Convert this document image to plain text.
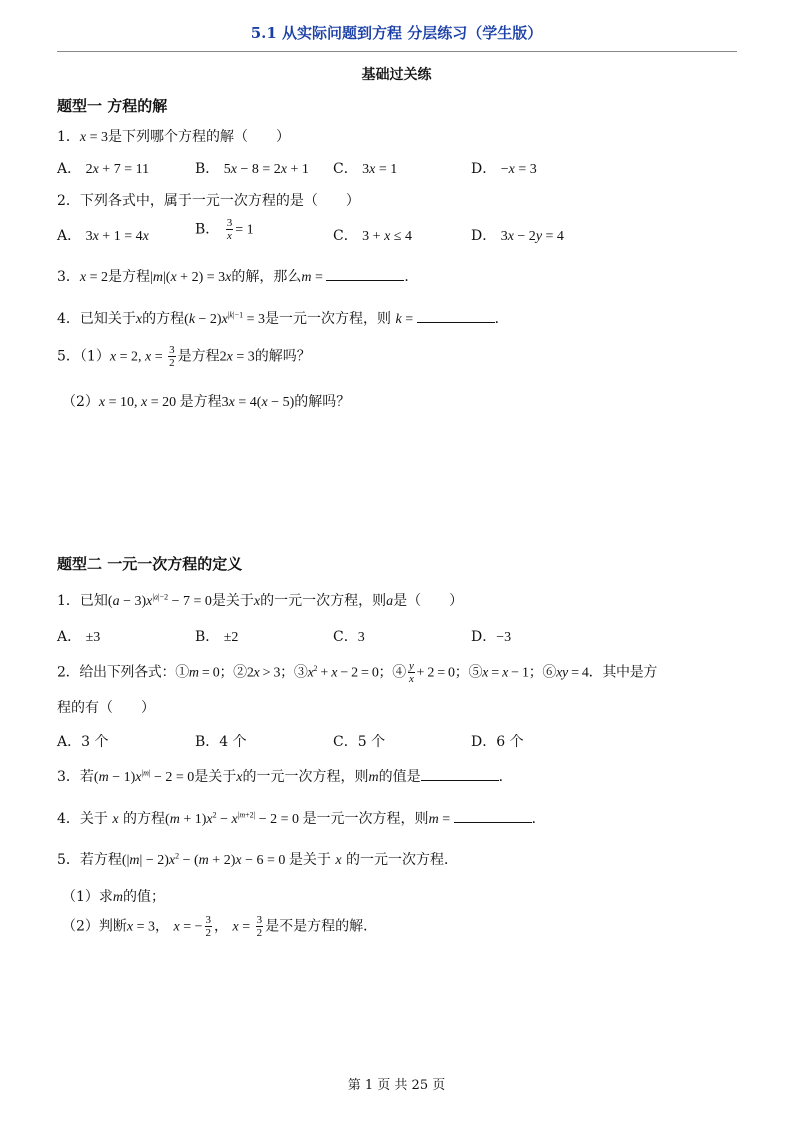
5.1 从实际问题到方程 分层练习（学生版）
基础过关练
题型一 方程的解
1．x = 3是下列哪个方程的解（　　）
A． 2x + 7 = 11	B． 5x − 8 = 2x + 1 C． 3x = 1	D． −x = 3
2．下列各式中，属于一元一次方程的是（　　）
A． 3x + 1 = 4x	B． $\frac{3}{x} = 1$	C． 3 + x ≤ 4	D． 3x − 2y = 4
3．x = 2是方程|m|(x + 2) = 3x的解，那么m =	．
4．已知关于x的方程$(k - 2)x^{|k|-1} = 3$是一元一次方程，则 k =	．
5．（1）x = 2, $x = \frac{3}{2}$ 是方程2x = 3的解吗？
（2）x = 10, x = 20 是方程3x = 4(x − 5)的解吗？
题型二 一元一次方程的定义
1．已知$(a - 3)x^{|a|-2} - 7 = 0$是关于x的一元一次方程，则a是（　　）
A． ±3	B． ±2	C．3	D．−3
2．给出下列各式：①m = 0；②2x > 3；$③x^2 + x - 2 = 0$；④ $\frac{y}{x} + 2 = 0$；⑤x = x − 1；⑥xy = 4．其中是方
程的有（　　）
A．3 个	B．4 个	C．5 个	D．6 个
3．若$(m - 1)x^{|m|} - 2 = 0$是关于x的一元一次方程，则m的值是	．
4．关于 x 的方程$(m + 1)x^2 - x^{|m+2|} - 2 = 0$ 是一元一次方程，则m =	．
5．若方程$(|m| - 2)x^2 - (m + 2)x - 6 = 0$ 是关于 x 的一元一次方程．
（1）求m的值；
（2）判断x = 3， x = − $\frac{3}{2}$ ， $x = \frac{3}{2}$ 是不是方程的解．
第 1 页 共 25 页
